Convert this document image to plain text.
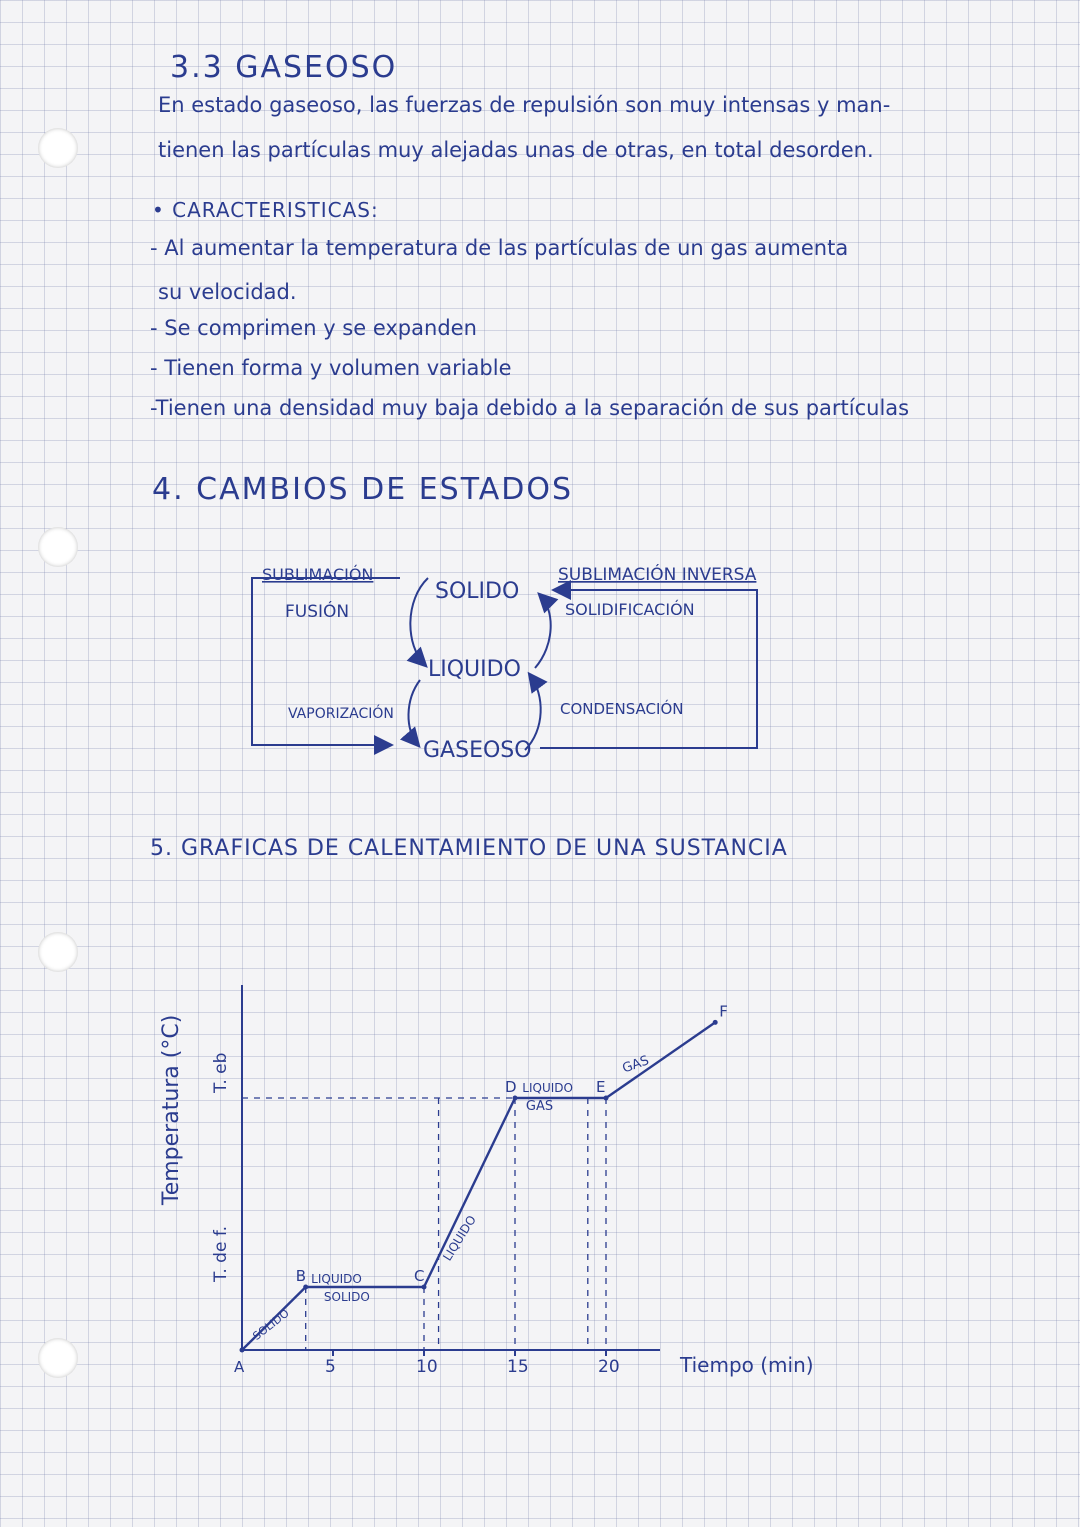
3.3 GASEOSO
En estado gaseoso, las fuerzas de repulsión son muy intensas y man-
tienen las partículas muy alejadas unas de otras, en total desorden.
• CARACTERISTICAS:
- Al aumentar la temperatura de las partículas de un gas aumenta
su velocidad.
- Se comprimen y se expanden
- Tienen forma y volumen variable
-Tienen una densidad muy baja debido a la separación de sus partículas
4. CAMBIOS DE ESTADOS
SOLIDO
LIQUIDO
GASEOSO
SUBLIMACIÓN
FUSIÓN
VAPORIZACIÓN
SUBLIMACIÓN INVERSA
SOLIDIFICACIÓN
CONDENSACIÓN
5. GRAFICAS DE CALENTAMIENTO DE UNA SUSTANCIA
A
B	C
D	E
F
5	10	15	20
T. de f.
T. eb
SOLIDO
LIQUIDO
SOLIDO
LIQUIDO
LIQUIDO
GAS
GAS
Temperatura (°C)
Tiempo (min)
